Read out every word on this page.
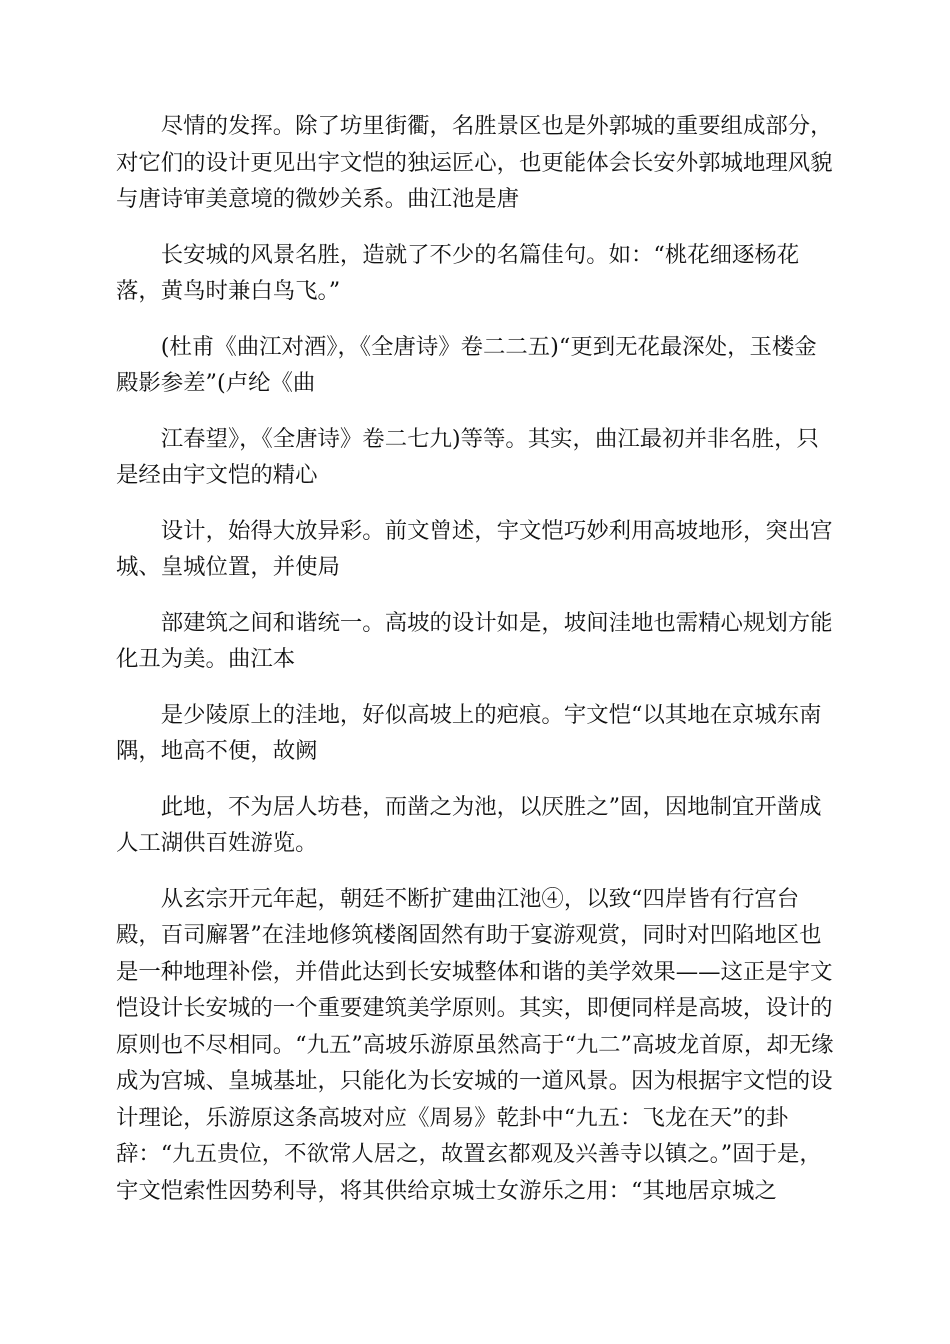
尽情的发挥。除了坊里街衢，名胜景区也是外郭城的重要组成部分，对它们的设计更见出宇文恺的独运匠心，也更能体会长安外郭城地理风貌与唐诗审美意境的微妙关系。曲江池是唐

长安城的风景名胜，造就了不少的名篇佳句。如：“桃花细逐杨花落，黄鸟时兼白鸟飞。”

(杜甫《曲江对酒》，《全唐诗》卷二二五)“更到无花最深处，玉楼金殿影参差”(卢纶《曲

江春望》，《全唐诗》卷二七九)等等。其实，曲江最初并非名胜，只是经由宇文恺的精心

设计，始得大放异彩。前文曾述，宇文恺巧妙利用高坡地形，突出宫城、皇城位置，并使局

部建筑之间和谐统一。高坡的设计如是，坡间洼地也需精心规划方能化丑为美。曲江本

是少陵原上的洼地，好似高坡上的疤痕。宇文恺“以其地在京城东南隅，地高不便，故阙

此地，不为居人坊巷，而凿之为池，以厌胜之”固，因地制宜开凿成人工湖供百姓游览。

从玄宗开元年起，朝廷不断扩建曲江池④，以致“四岸皆有行宫台殿，百司廨署”在洼地修筑楼阁固然有助于宴游观赏，同时对凹陷地区也是一种地理补偿，并借此达到长安城整体和谐的美学效果——这正是宇文恺设计长安城的一个重要建筑美学原则。其实，即便同样是高坡，设计的原则也不尽相同。“九五”高坡乐游原虽然高于“九二”高坡龙首原，却无缘成为宫城、皇城基址，只能化为长安城的一道风景。因为根据宇文恺的设计理论，乐游原这条高坡对应《周易》乾卦中“九五：飞龙在天”的卦辞：“九五贵位，不欲常人居之，故置玄都观及兴善寺以镇之。”固于是，宇文恺索性因势利导，将其供给京城士女游乐之用：“其地居京城之
